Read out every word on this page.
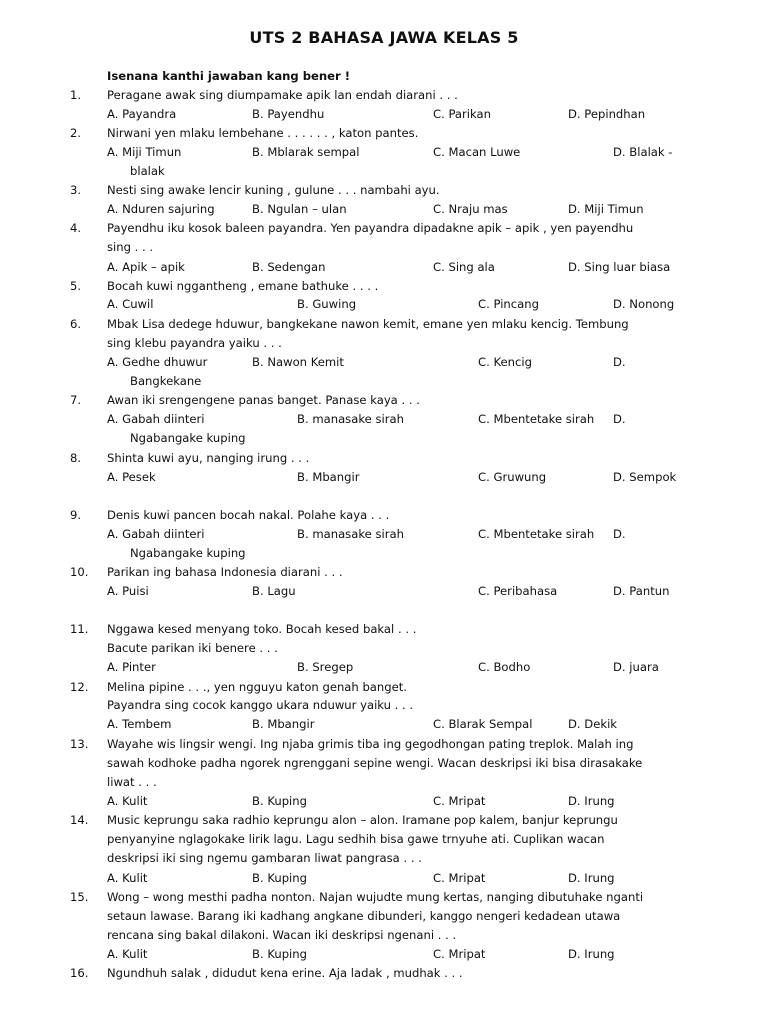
UTS 2 BAHASA JAWA KELAS 5
Isenana kanthi jawaban kang bener !
1. Peragane awak sing diumpamake apik lan endah diarani . . .
A. Payandra	B. Payendhu	C. Parikan	D. Pepindhan
2. Nirwani yen mlaku lembehane . . . . . . , katon pantes.
A. Miji Timun	B. Mblarak sempal	C. Macan Luwe	D. Blalak -
blalak
3. Nesti sing awake lencir kuning , gulune . . . nambahi ayu.
A. Nduren sajuring	B. Ngulan – ulan	C. Nraju mas	D. Miji Timun
4. Payendhu iku kosok baleen payandra. Yen payandra dipadakne apik – apik , yen payendhu
sing . . .
A. Apik – apik	B. Sedengan	C. Sing ala	D. Sing luar biasa
5. Bocah kuwi nggantheng , emane bathuke . . . .
A. Cuwil	B. Guwing	C. Pincang	D. Nonong
6. Mbak Lisa dedege hduwur, bangkekane nawon kemit, emane yen mlaku kencig. Tembung
sing klebu payandra yaiku . . .
A. Gedhe dhuwur	B. Nawon Kemit	C. Kencig	D.
Bangkekane
7. Awan iki srengengene panas banget. Panase kaya . . .
A. Gabah diinteri	B. manasake sirah	C. Mbentetake sirah D.
Ngabangake kuping
8. Shinta kuwi ayu, nanging irung . . .
A. Pesek	B. Mbangir	C. Gruwung	D. Sempok
9. Denis kuwi pancen bocah nakal. Polahe kaya . . .
A. Gabah diinteri	B. manasake sirah	C. Mbentetake sirah D.
Ngabangake kuping
10. Parikan ing bahasa Indonesia diarani . . .
A. Puisi	B. Lagu	C. Peribahasa	D. Pantun
11. Nggawa kesed menyang toko. Bocah kesed bakal . . .
Bacute parikan iki benere . . .
A. Pinter	B. Sregep	C. Bodho	D. juara
12. Melina pipine . . ., yen ngguyu katon genah banget.
Payandra sing cocok kanggo ukara nduwur yaiku . . .
A. Tembem	B. Mbangir	C. Blarak Sempal	D. Dekik
13. Wayahe wis lingsir wengi. Ing njaba grimis tiba ing gegodhongan pating treplok. Malah ing
sawah kodhoke padha ngorek ngrenggani sepine wengi. Wacan deskripsi iki bisa dirasakake
liwat . . .
A. Kulit	B. Kuping	C. Mripat	D. Irung
14. Music keprungu saka radhio keprungu alon – alon. Iramane pop kalem, banjur keprungu
penyanyine nglagokake lirik lagu. Lagu sedhih bisa gawe trnyuhe ati. Cuplikan wacan
deskripsi iki sing ngemu gambaran liwat pangrasa . . .
A. Kulit	B. Kuping	C. Mripat	D. Irung
15. Wong – wong mesthi padha nonton. Najan wujudte mung kertas, nanging dibutuhake nganti
setaun lawase. Barang iki kadhang angkane dibunderi, kanggo nengeri kedadean utawa
rencana sing bakal dilakoni. Wacan iki deskripsi ngenani . . .
A. Kulit	B. Kuping	C. Mripat	D. Irung
16. Ngundhuh salak , didudut kena erine. Aja ladak , mudhak . . .
